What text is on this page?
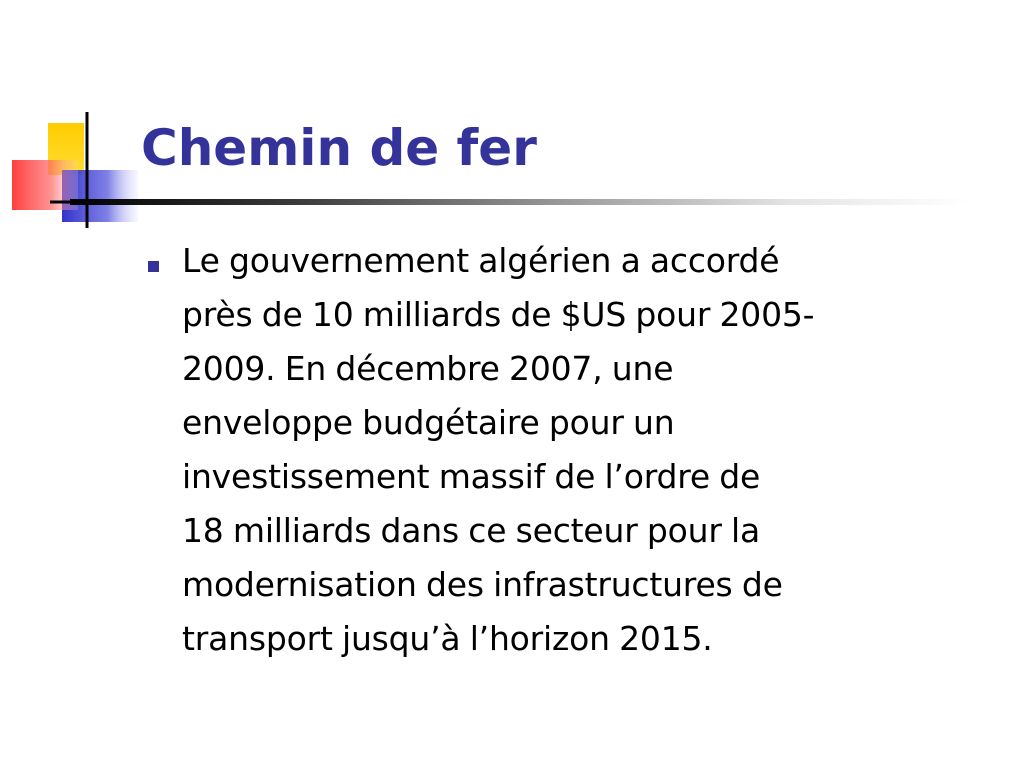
Chemin de fer
Le gouvernement algérien a accordé
près de 10 milliards de $US pour 2005-
2009. En décembre 2007, une
enveloppe budgétaire pour un
investissement massif de l’ordre de
18 milliards dans ce secteur pour la
modernisation des infrastructures de
transport jusqu’à l’horizon 2015.
